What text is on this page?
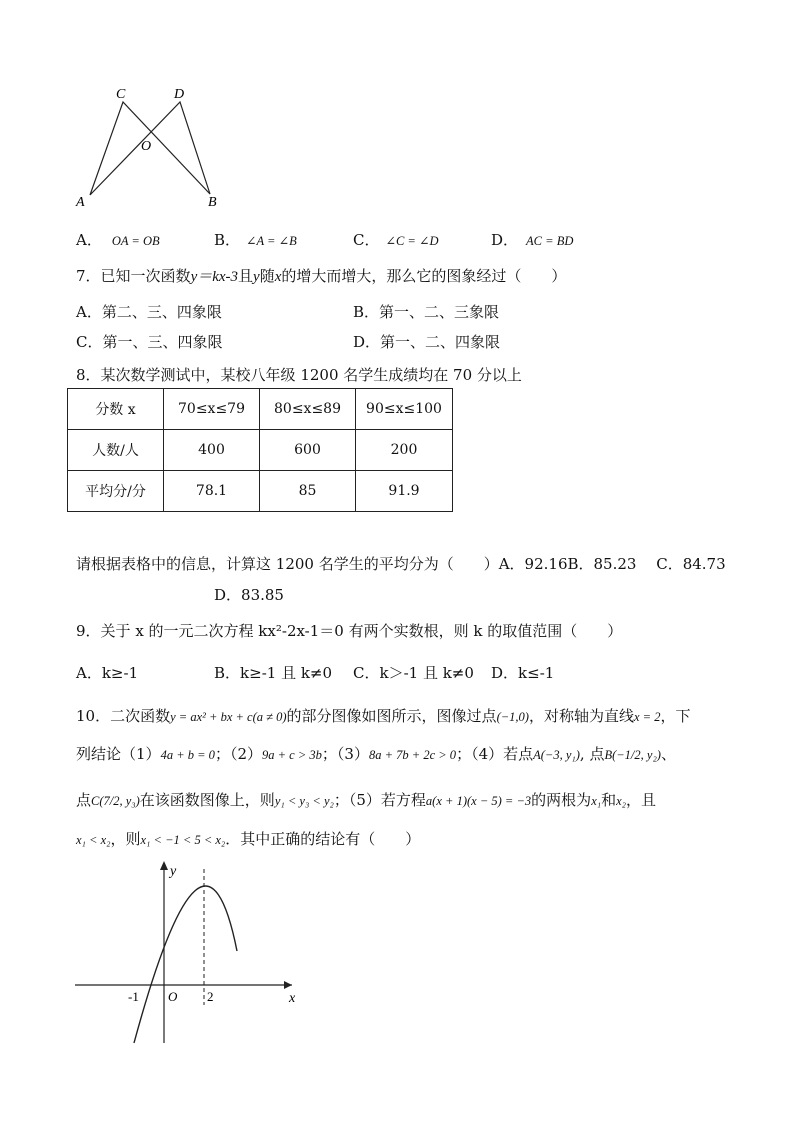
C	D
O
A	B
A． OA = OB	B． ∠A = ∠B	C． ∠C = ∠D	D． AC = BD
7．已知一次函数y＝kx-3且y随x的增大而增大，那么它的图象经过（　　）
A．第二、三、四象限	B．第一、二、三象限
C．第一、三、四象限	D．第一、二、四象限
8．某次数学测试中，某校八年级 1200 名学生成绩均在 70 分以上
分数 x	70≤x≤79	80≤x≤89	90≤x≤100
人数/人	400	600	200
平均分/分	78.1	85	91.9
请根据表格中的信息，计算这 1200 名学生的平均分为（　　）A．92.16B．85.23　 C．84.73
D．83.85
9．关于 x 的一元二次方程 kx²-2x-1＝0 有两个实数根，则 k 的取值范围（　　）
A．k≥-1	B．k≥-1 且 k≠0 C．k＞-1 且 k≠0 D．k≤-1
10．二次函数y = ax² + bx + c(a ≠ 0)的部分图像如图所示，图像过点(−1,0)，对称轴为直线x = 2，下
列结论（1）4a + b = 0；（2）9a + c > 3b；（3）8a + 7b + 2c > 0；（4）若点A(−3, y₁), 点B(−1/2, y₂)、
点C(7/2, y₃)在该函数图像上，则y₁ < y₃ < y₂；（5）若方程a(x + 1)(x − 5) = −3的两根为x₁和x₂，且
x₁ < x₂，则x₁ < −1 < 5 < x₂．其中正确的结论有（　　）
y
x
-1 O 2
